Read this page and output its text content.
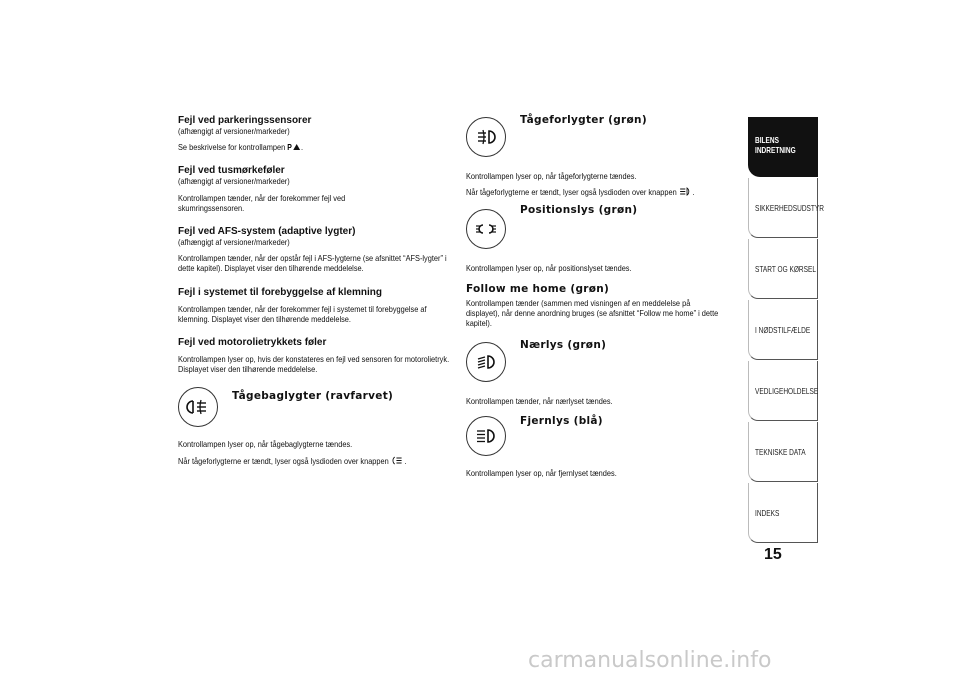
Fejl ved parkeringssensorer

(afhængigt af versioner/markeder)

Se beskrivelse for kontrollampen P .

Fejl ved tusmørkeføler

(afhængigt af versioner/markeder)

Kontrollampen tænder, når der forekommer fejl ved skumringssensoren.

Fejl ved AFS-system (adaptive lygter)

(afhængigt af versioner/markeder)

Kontrollampen tænder, når der opstår fejl i AFS-lygterne (se afsnittet “AFS-lygter” i dette kapitel). Displayet viser den tilhørende meddelelse.

Fejl i systemet til forebyggelse af klemning

Kontrollampen tænder, når der forekommer fejl i systemet til forebyggelse af klemning. Displayet viser den tilhørende meddelelse.

Fejl ved motorolietrykkets føler

Kontrollampen lyser op, hvis der konstateres en fejl ved sensoren for motorolietryk. Displayet viser den tilhørende meddelelse.

Tågebaglygter (ravfarvet)

Kontrollampen lyser op, når tågebaglygterne tændes.

Når tågeforlygterne er tændt, lyser også lysdioden over knappen .

Tågeforlygter (grøn)

Kontrollampen lyser op, når tågeforlygterne tændes.

Når tågeforlygterne er tændt, lyser også lysdioden over knappen .

Positionslys (grøn)

Kontrollampen lyser op, når positionslyset tændes.

Follow me home (grøn)

Kontrollampen tænder (sammen med visningen af en meddelelse på displayet), når denne anordning bruges (se afsnittet “Follow me home” i dette kapitel).

Nærlys (grøn)

Kontrollampen tænder, når nærlyset tændes.

Fjernlys (blå)

Kontrollampen lyser op, når fjernlyset tændes.

BILENS INDRETNING
SIKKERHEDSUDSTYR
START OG KØRSEL
I NØDSTILFÆLDE
VEDLIGEHOLDELSE
TEKNISKE DATA
INDEKS
15
carmanualsonline.info
